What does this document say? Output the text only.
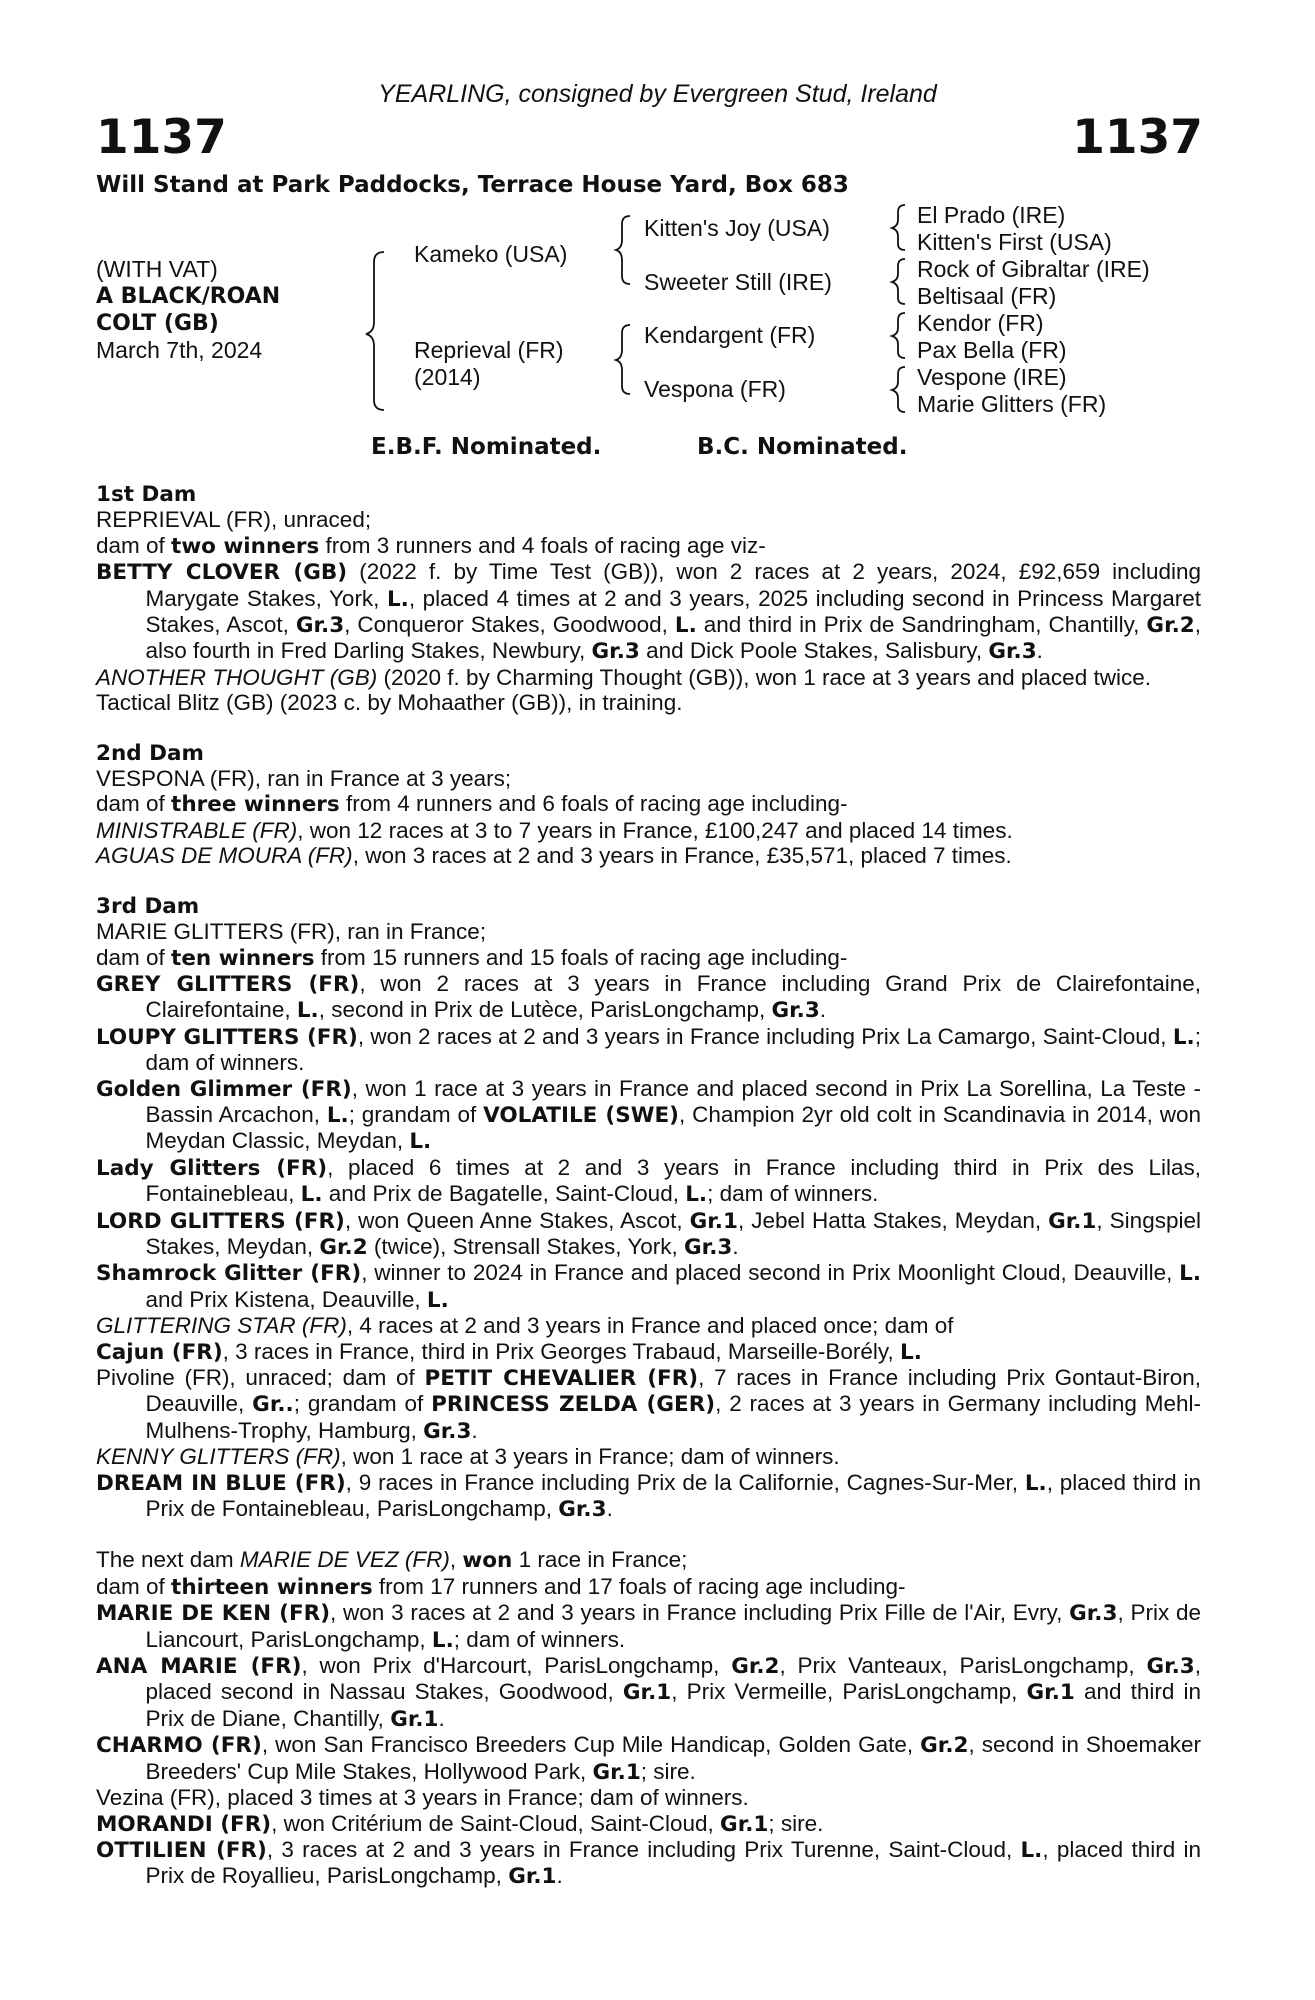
YEARLING, consigned by Evergreen Stud, Ireland
1137	1137
Will Stand at Park Paddocks, Terrace House Yard, Box 683
(WITH VAT)
A BLACK/ROAN
COLT (GB)
March 7th, 2024
Kameko (USA)
Reprieval (FR)
(2014)
Kitten's Joy (USA)
Sweeter Still (IRE)
Kendargent (FR)
Vespona (FR)
El Prado (IRE)
Kitten's First (USA)
Rock of Gibraltar (IRE)
Beltisaal (FR)
Kendor (FR)
Pax Bella (FR)
Vespone (IRE)
Marie Glitters (FR)
E.B.F. Nominated.	B.C. Nominated.

1st Dam

REPRIEVAL (FR), unraced;

dam of two winners from 3 runners and 4 foals of racing age viz-

BETTY CLOVER (GB) (2022 f. by Time Test (GB)), won 2 races at 2 years, 2024, £92,659 including Marygate Stakes, York, L., placed 4 times at 2 and 3 years, 2025 including second in Princess Margaret Stakes, Ascot, Gr.3, Conqueror Stakes, Goodwood, L. and third in Prix de Sandringham, Chantilly, Gr.2, also fourth in Fred Darling Stakes, Newbury, Gr.3 and Dick Poole Stakes, Salisbury, Gr.3.

ANOTHER THOUGHT (GB) (2020 f. by Charming Thought (GB)), won 1 race at 3 years and placed twice.

Tactical Blitz (GB) (2023 c. by Mohaather (GB)), in training.

2nd Dam

VESPONA (FR), ran in France at 3 years;

dam of three winners from 4 runners and 6 foals of racing age including-

MINISTRABLE (FR), won 12 races at 3 to 7 years in France, £100,247 and placed 14 times.

AGUAS DE MOURA (FR), won 3 races at 2 and 3 years in France, £35,571, placed 7 times.

3rd Dam

MARIE GLITTERS (FR), ran in France;

dam of ten winners from 15 runners and 15 foals of racing age including-

GREY GLITTERS (FR), won 2 races at 3 years in France including Grand Prix de Clairefontaine, Clairefontaine, L., second in Prix de Lutèce, ParisLongchamp, Gr.3.

LOUPY GLITTERS (FR), won 2 races at 2 and 3 years in France including Prix La Camargo, Saint-Cloud, L.; dam of winners.

Golden Glimmer (FR), won 1 race at 3 years in France and placed second in Prix La Sorellina, La Teste - Bassin Arcachon, L.; grandam of VOLATILE (SWE), Champion 2yr old colt in Scandinavia in 2014, won Meydan Classic, Meydan, L.

Lady Glitters (FR), placed 6 times at 2 and 3 years in France including third in Prix des Lilas, Fontainebleau, L. and Prix de Bagatelle, Saint-Cloud, L.; dam of winners.

LORD GLITTERS (FR), won Queen Anne Stakes, Ascot, Gr.1, Jebel Hatta Stakes, Meydan, Gr.1, Singspiel Stakes, Meydan, Gr.2 (twice), Strensall Stakes, York, Gr.3.

Shamrock Glitter (FR), winner to 2024 in France and placed second in Prix Moonlight Cloud, Deauville, L. and Prix Kistena, Deauville, L.

GLITTERING STAR (FR), 4 races at 2 and 3 years in France and placed once; dam of

Cajun (FR), 3 races in France, third in Prix Georges Trabaud, Marseille-Borély, L.

Pivoline (FR), unraced; dam of PETIT CHEVALIER (FR), 7 races in France including Prix Gontaut-Biron, Deauville, Gr..; grandam of PRINCESS ZELDA (GER), 2 races at 3 years in Germany including Mehl-Mulhens-Trophy, Hamburg, Gr.3.

KENNY GLITTERS (FR), won 1 race at 3 years in France; dam of winners.

DREAM IN BLUE (FR), 9 races in France including Prix de la Californie, Cagnes-Sur-Mer, L., placed third in Prix de Fontainebleau, ParisLongchamp, Gr.3.

The next dam MARIE DE VEZ (FR), won 1 race in France;

dam of thirteen winners from 17 runners and 17 foals of racing age including-

MARIE DE KEN (FR), won 3 races at 2 and 3 years in France including Prix Fille de l'Air, Evry, Gr.3, Prix de Liancourt, ParisLongchamp, L.; dam of winners.

ANA MARIE (FR), won Prix d'Harcourt, ParisLongchamp, Gr.2, Prix Vanteaux, ParisLongchamp, Gr.3, placed second in Nassau Stakes, Goodwood, Gr.1, Prix Vermeille, ParisLongchamp, Gr.1 and third in Prix de Diane, Chantilly, Gr.1.

CHARMO (FR), won San Francisco Breeders Cup Mile Handicap, Golden Gate, Gr.2, second in Shoemaker Breeders' Cup Mile Stakes, Hollywood Park, Gr.1; sire.

Vezina (FR), placed 3 times at 3 years in France; dam of winners.

MORANDI (FR), won Critérium de Saint-Cloud, Saint-Cloud, Gr.1; sire.

OTTILIEN (FR), 3 races at 2 and 3 years in France including Prix Turenne, Saint-Cloud, L., placed third in Prix de Royallieu, ParisLongchamp, Gr.1.
